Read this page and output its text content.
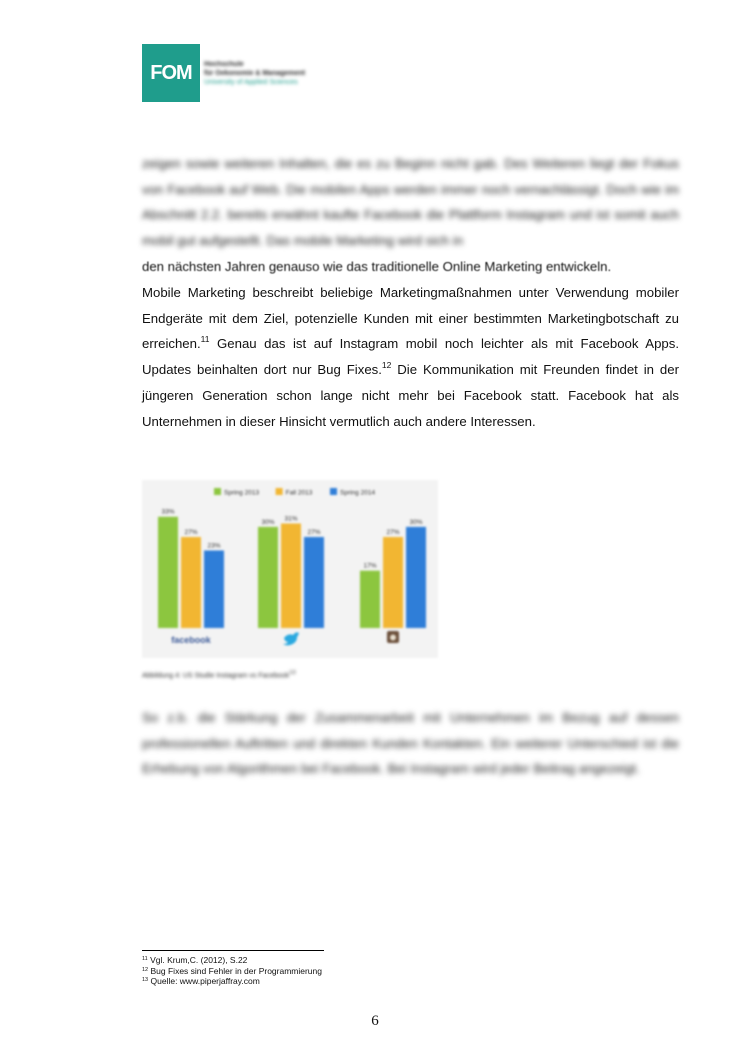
FOM	Hochschule
für Oekonomie & Management
University of Applied Sciences
zeigen sowie weiteren Inhalten, die es zu Beginn nicht gab. Des Weiteren liegt der Fokus von Facebook auf Web. Die mobilen Apps werden immer noch vernachlässigt. Doch wie im Abschnitt 2.2. bereits erwähnt kaufte Facebook die Plattform Instagram und ist somit auch mobil gut aufgestellt. Das mobile Marketing wird sich in
den nächsten Jahren genauso wie das traditionelle Online Marketing entwickeln.
Mobile Marketing beschreibt beliebige Marketingmaßnahmen unter Verwendung mobiler Endgeräte mit dem Ziel, potenzielle Kunden mit einer bestimmten Marketingbotschaft zu erreichen.$^{11}$ Genau das ist auf Instagram mobil noch leichter als mit Facebook Apps. Updates beinhalten dort nur Bug Fixes.$^{12}$ Die Kommunikation mit Freunden findet in der jüngeren Generation schon lange nicht mehr bei Facebook statt. Facebook hat als Unternehmen in dieser Hinsicht vermutlich auch andere Interessen.
Spring 2013	Fall 2013	Spring 2014
33%
27%
23%
30% 31%
27%
17%
27%
30%
facebook
Abbildung 4: US Studie Instagram vs Facebook$^{13}$
So z.b. die Stärkung der Zusammenarbeit mit Unternehmen im Bezug auf dessen professionellen Auftritten und direkten Kunden Kontakten. Ein weiterer Unterschied ist die Erhebung von Algorithmen bei Facebook. Bei Instagram wird jeder Beitrag angezeigt.
$^{11}$ Vgl. Krum,C. (2012), S.22
$^{12}$ Bug Fixes sind Fehler in der Programmierung
$^{13}$ Quelle: www.piperjaffray.com
6
